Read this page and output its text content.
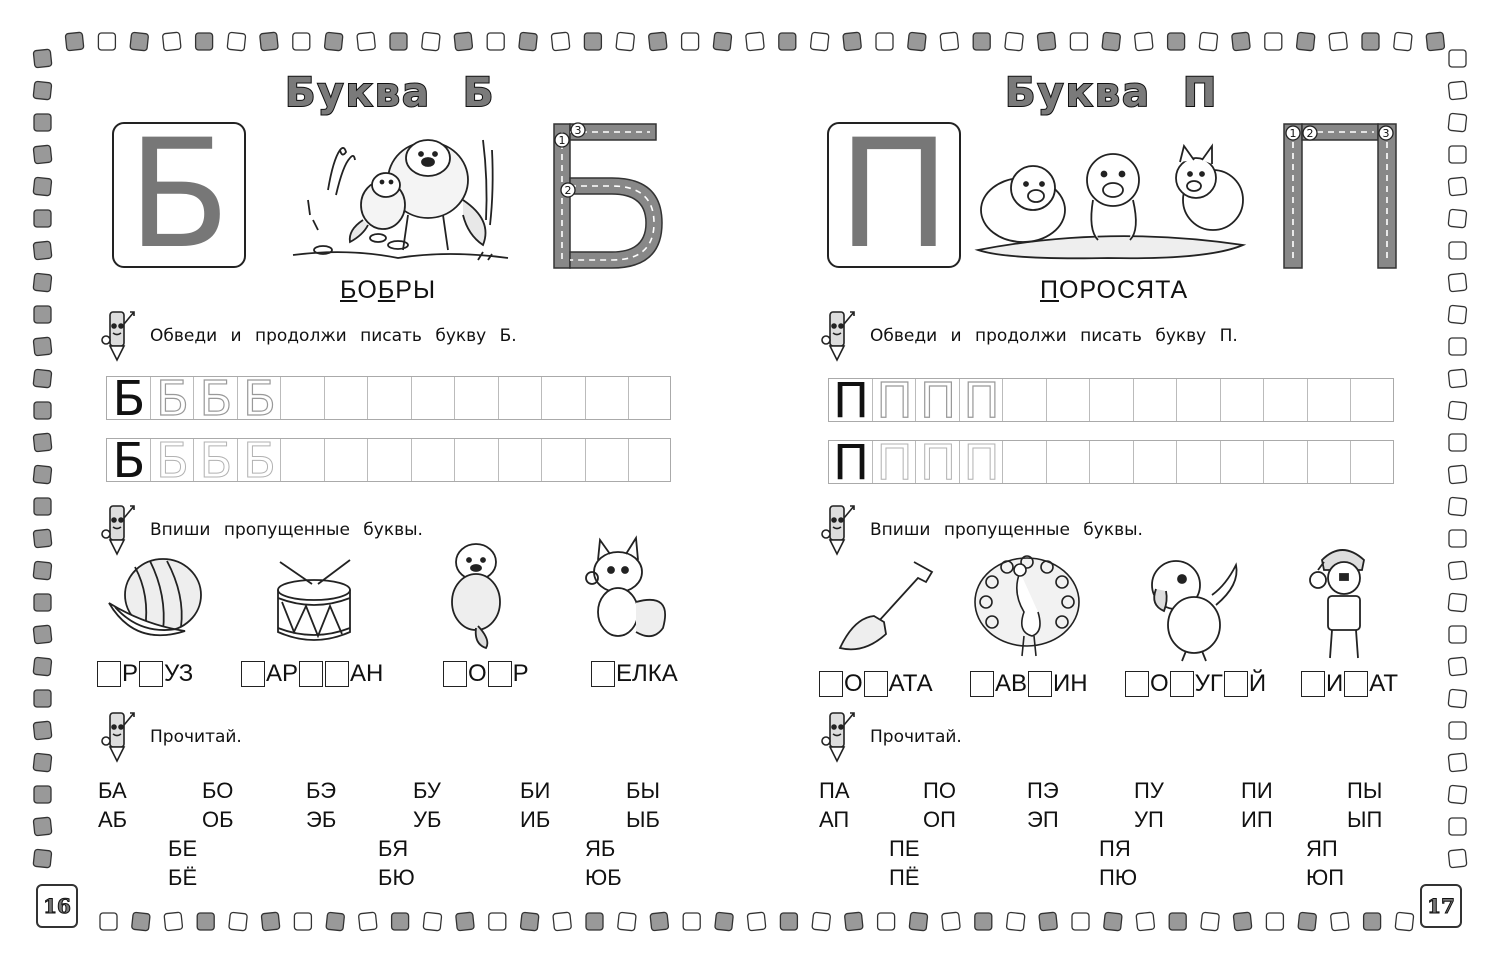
Буква  Б
Б	1
3
2
БОБРЫ
Обведи и продолжи писать букву Б.
Б Б Б Б
Б Б Б Б
Впиши пропущенные буквы.
Р УЗ	АР АН	О Р	ЕЛКА
Прочитай.
БА	БО	БЭ	БУ	БИ	БЫ
АБ	ОБ	ЭБ	УБ	ИБ	ЫБ
БЕ	БЯ	ЯБ
БЁ	БЮ	ЮБ
16
Буква  П
П	1 2	3
ПОРОСЯТА
Обведи и продолжи писать букву П.
П П П П
П П П П
Впиши пропущенные буквы.
О АТА	АВ ИН	О УГ Й И АТ
Прочитай.
ПА	ПО	ПЭ	ПУ	ПИ	ПЫ
АП	ОП	ЭП	УП	ИП	ЫП
ПЕ	ПЯ	ЯП
ПЁ	ПЮ	ЮП
17
